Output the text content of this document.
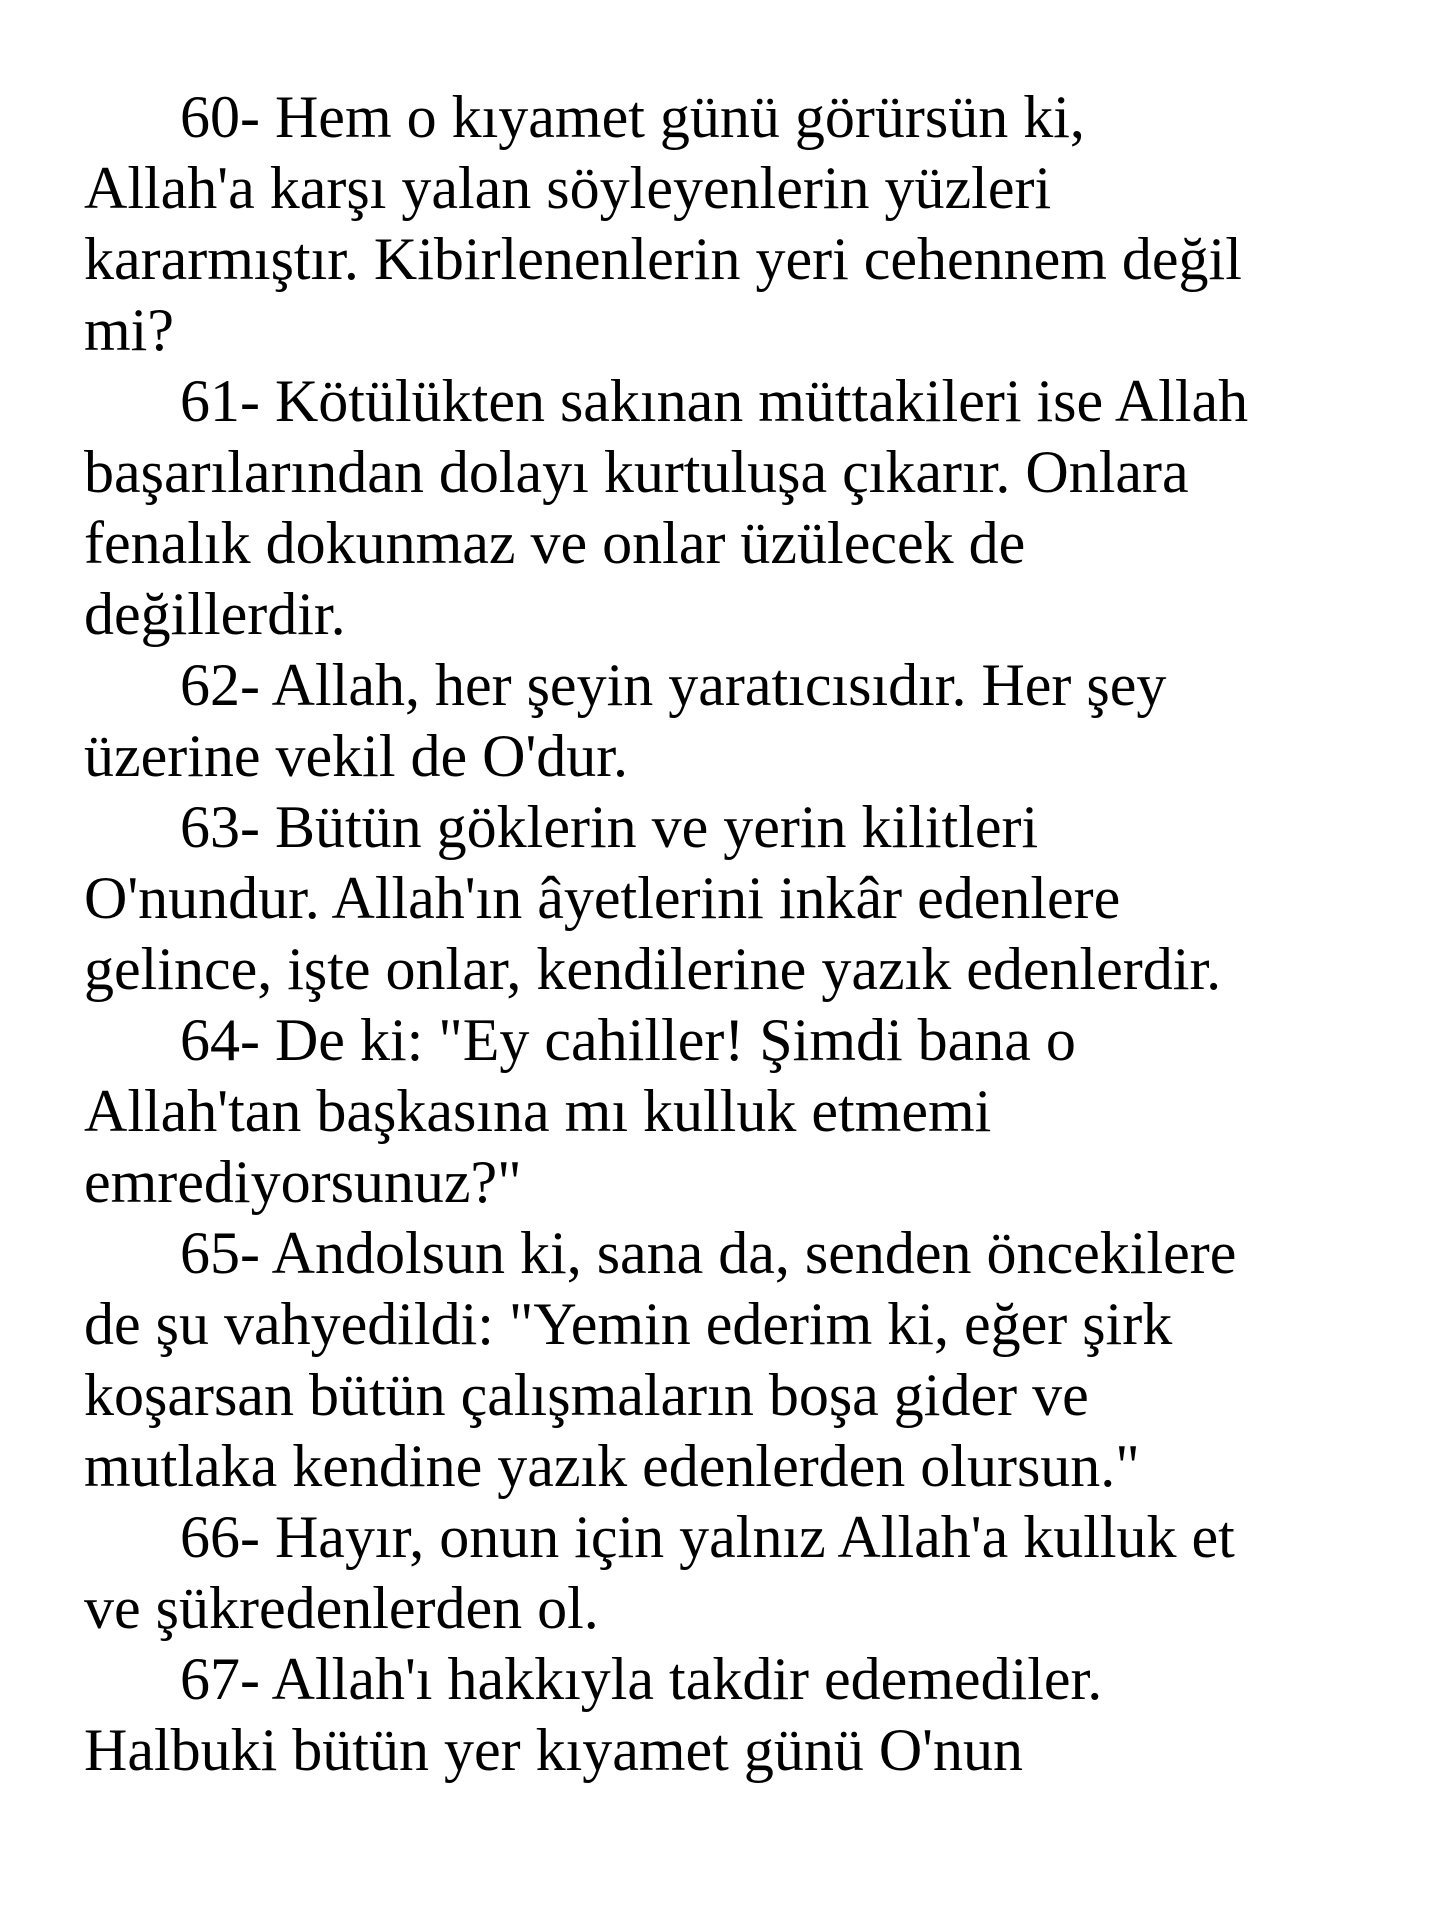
60- Hem o kıyamet günü görürsün ki,
Allah'a karşı yalan söyleyenlerin yüzleri
kararmıştır. Kibirlenenlerin yeri cehennem değil
mi?
61- Kötülükten sakınan müttakileri ise Allah
başarılarından dolayı kurtuluşa çıkarır. Onlara
fenalık dokunmaz ve onlar üzülecek de
değillerdir.
62- Allah, her şeyin yaratıcısıdır. Her şey
üzerine vekil de O'dur.
63- Bütün göklerin ve yerin kilitleri
O'nundur. Allah'ın âyetlerini inkâr edenlere
gelince, işte onlar, kendilerine yazık edenlerdir.
64- De ki: "Ey cahiller! Şimdi bana o
Allah'tan başkasına mı kulluk etmemi
emrediyorsunuz?"
65- Andolsun ki, sana da, senden öncekilere
de şu vahyedildi: "Yemin ederim ki, eğer şirk
koşarsan bütün çalışmaların boşa gider ve
mutlaka kendine yazık edenlerden olursun."
66- Hayır, onun için yalnız Allah'a kulluk et
ve şükredenlerden ol.
67- Allah'ı hakkıyla takdir edemediler.
Halbuki bütün yer kıyamet günü O'nun
